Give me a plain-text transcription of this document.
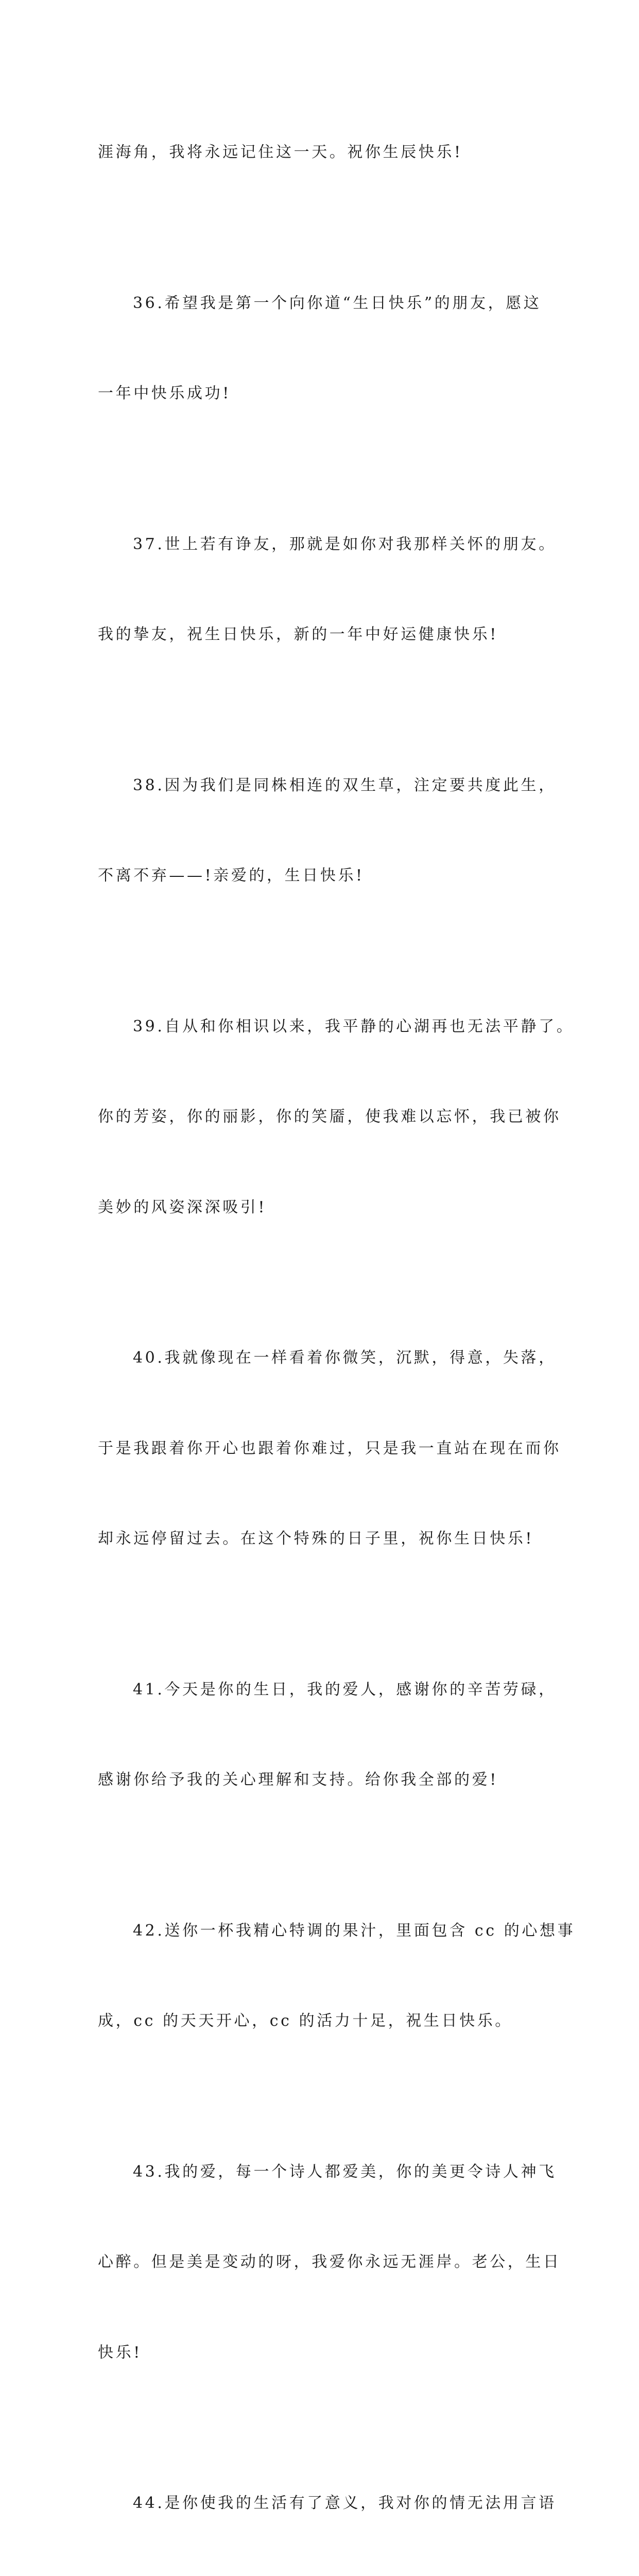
涯海角，我将永远记住这一天。祝你生辰快乐!

36.希望我是第一个向你道“生日快乐”的朋友，愿这

一年中快乐成功!

37.世上若有诤友，那就是如你对我那样关怀的朋友。

我的挚友，祝生日快乐，新的一年中好运健康快乐!

38.因为我们是同株相连的双生草，注定要共度此生，

不离不弃——!亲爱的，生日快乐!

39.自从和你相识以来，我平静的心湖再也无法平静了。

你的芳姿，你的丽影，你的笑靥，使我难以忘怀，我已被你

美妙的风姿深深吸引!

40.我就像现在一样看着你微笑，沉默，得意，失落，

于是我跟着你开心也跟着你难过，只是我一直站在现在而你

却永远停留过去。在这个特殊的日子里，祝你生日快乐!

41.今天是你的生日，我的爱人，感谢你的辛苦劳碌，

感谢你给予我的关心理解和支持。给你我全部的爱!

42.送你一杯我精心特调的果汁，里面包含 cc 的心想事

成，cc 的天天开心，cc 的活力十足，祝生日快乐。

43.我的爱，每一个诗人都爱美，你的美更令诗人神飞

心醉。但是美是变动的呀，我爱你永远无涯岸。老公，生日

快乐!

44.是你使我的生活有了意义，我对你的情无法用言语
